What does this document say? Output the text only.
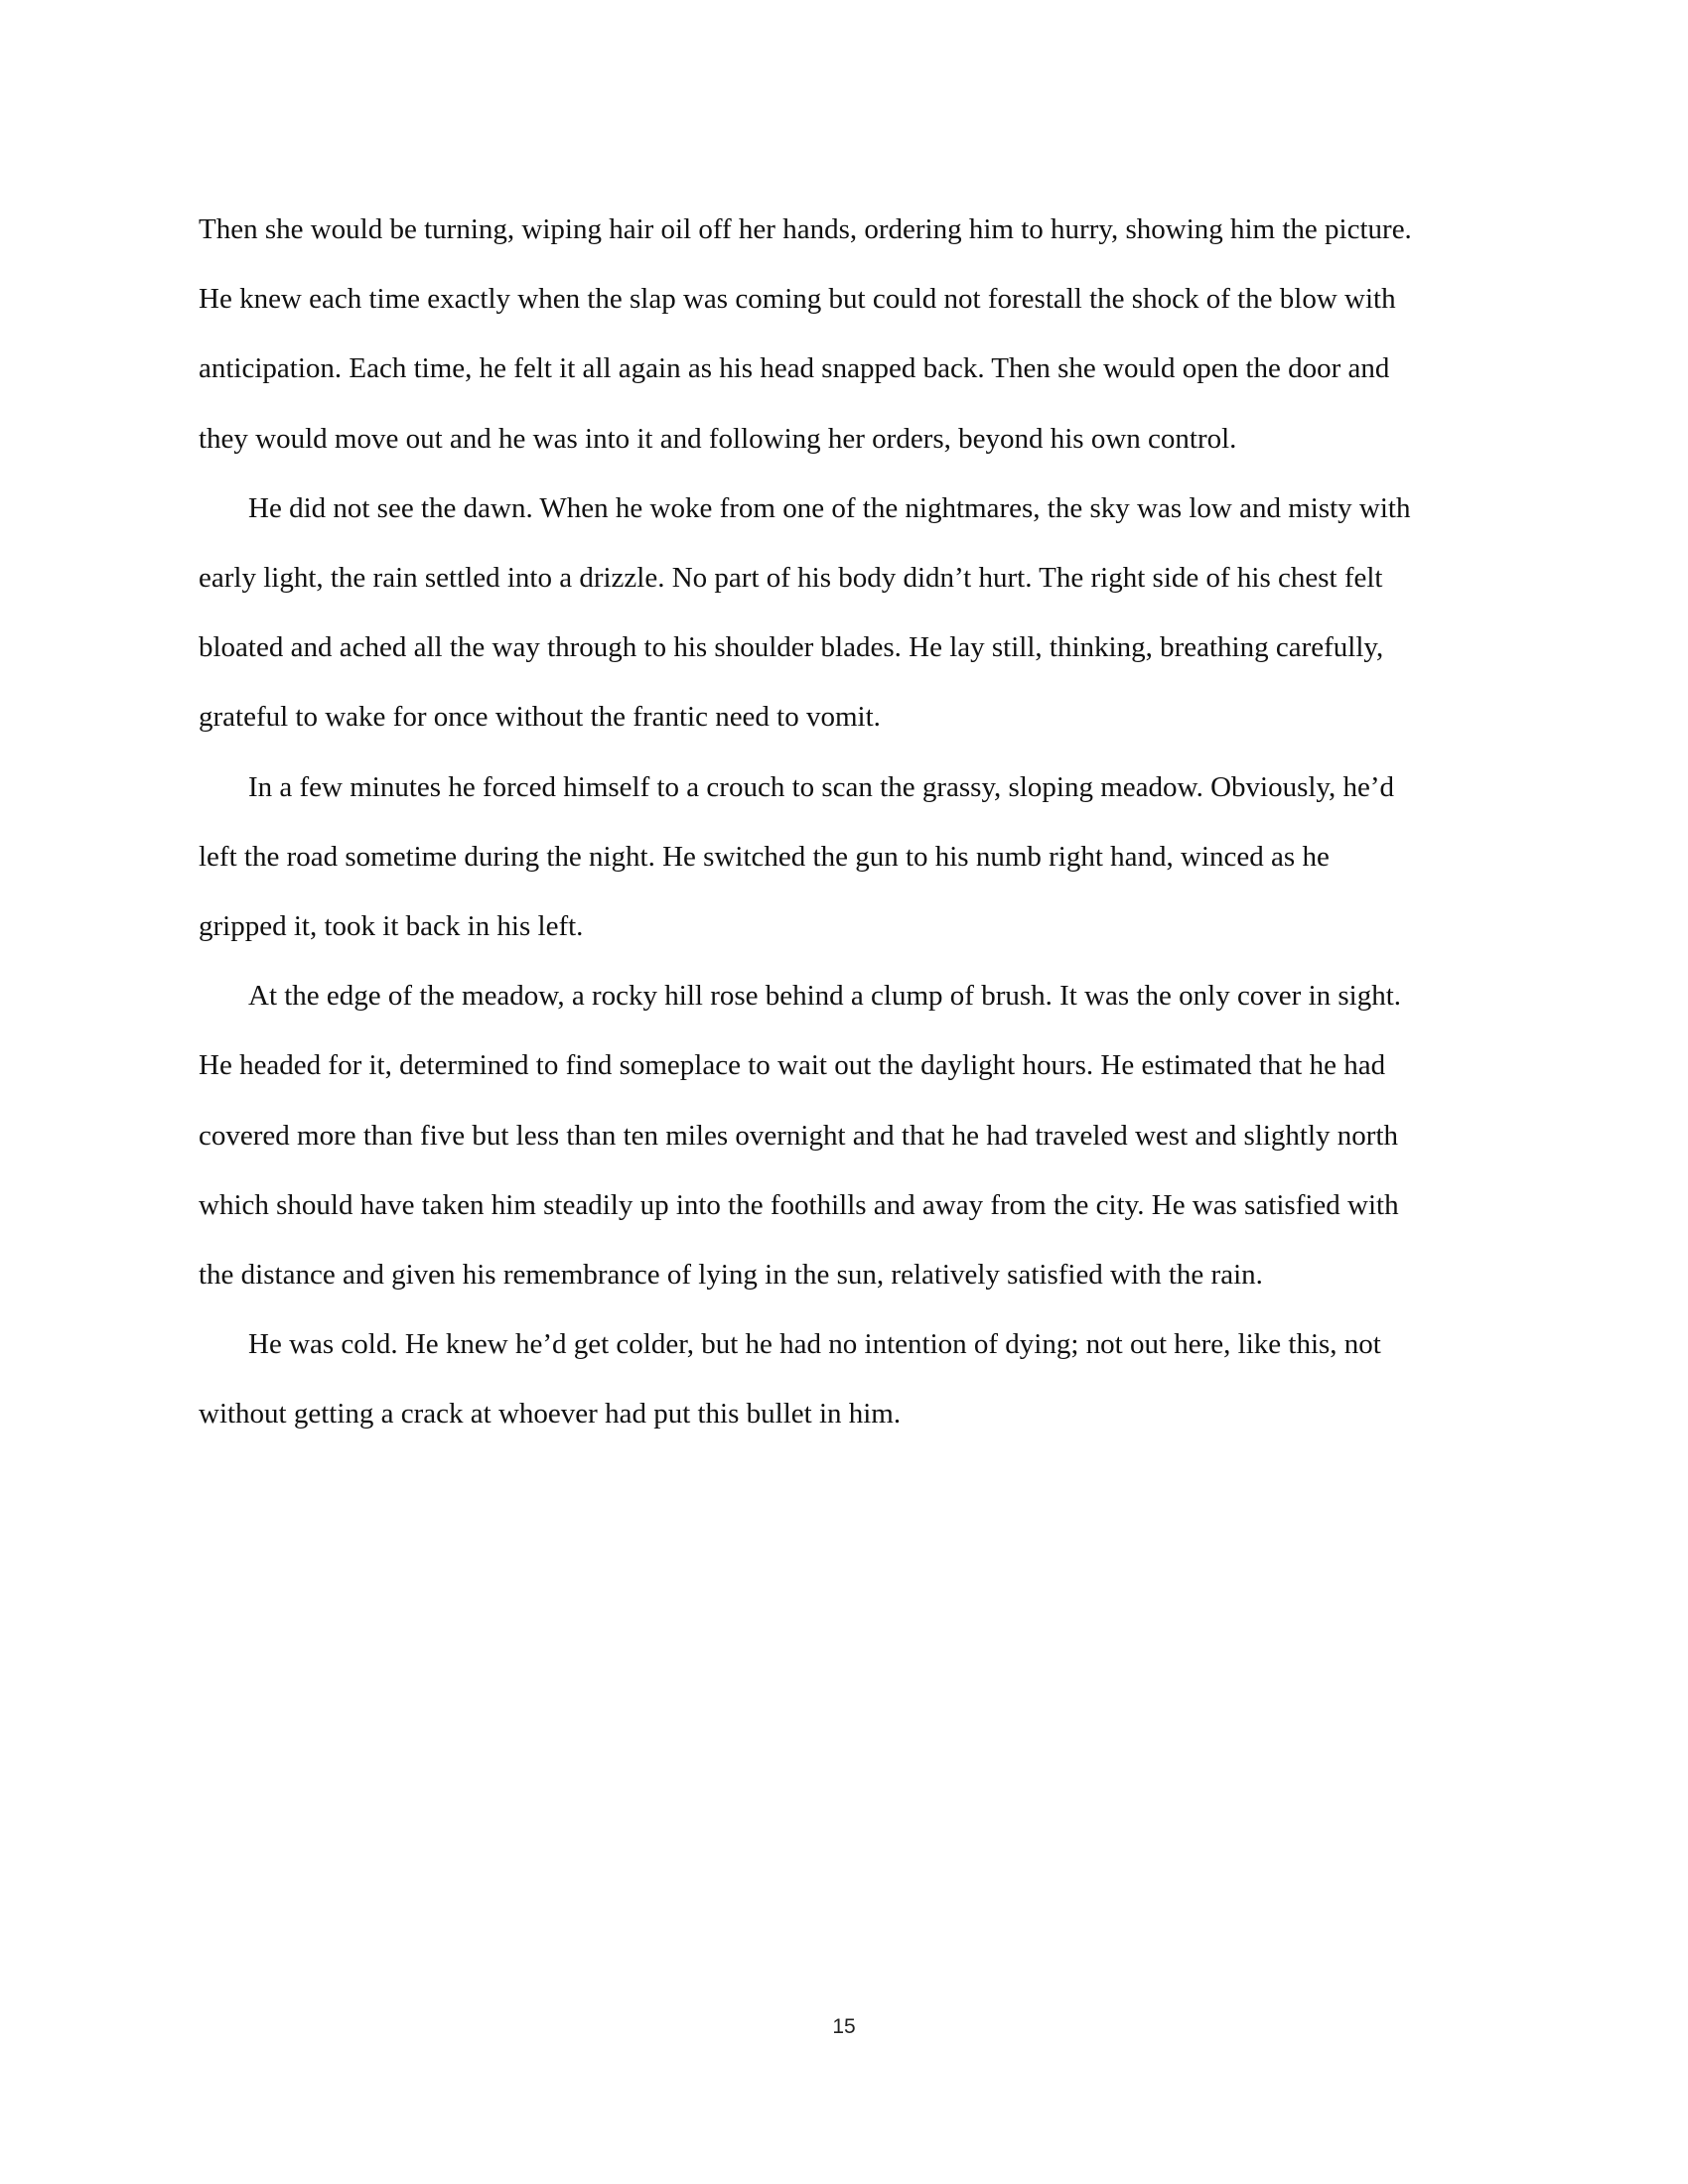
Then she would be turning, wiping hair oil off her hands, ordering him to hurry, showing him the picture.
He knew each time exactly when the slap was coming but could not forestall the shock of the blow with
anticipation. Each time, he felt it all again as his head snapped back. Then she would open the door and
they would move out and he was into it and following her orders, beyond his own control.

He did not see the dawn. When he woke from one of the nightmares, the sky was low and misty with
early light, the rain settled into a drizzle. No part of his body didn’t hurt. The right side of his chest felt
bloated and ached all the way through to his shoulder blades. He lay still, thinking, breathing carefully,
grateful to wake for once without the frantic need to vomit.

In a few minutes he forced himself to a crouch to scan the grassy, sloping meadow. Obviously, he’d
left the road sometime during the night. He switched the gun to his numb right hand, winced as he
gripped it, took it back in his left.

At the edge of the meadow, a rocky hill rose behind a clump of brush. It was the only cover in sight.
He headed for it, determined to find someplace to wait out the daylight hours. He estimated that he had
covered more than five but less than ten miles overnight and that he had traveled west and slightly north
which should have taken him steadily up into the foothills and away from the city. He was satisfied with
the distance and given his remembrance of lying in the sun, relatively satisfied with the rain.

He was cold. He knew he’d get colder, but he had no intention of dying; not out here, like this, not
without getting a crack at whoever had put this bullet in him.

15
